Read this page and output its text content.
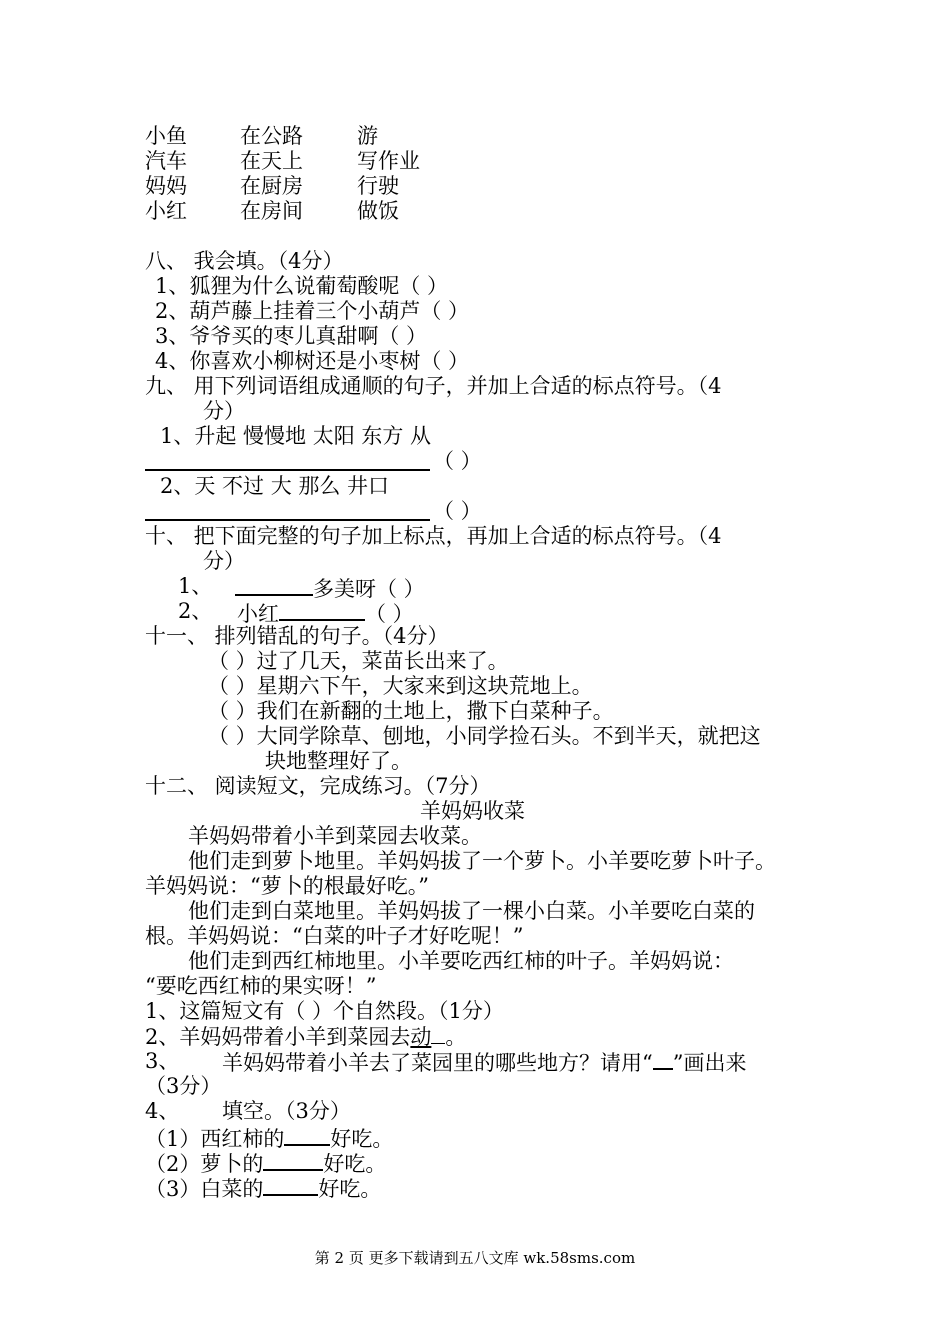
小鱼	在公路	游
汽车	在天上	写作业
妈妈	在厨房	行驶
小红	在房间	做饭
八、 我会填。（4分）
1、狐狸为什么说葡萄酸呢（ ）
2、葫芦藤上挂着三个小葫芦（ ）
3、爷爷买的枣儿真甜啊（ ）
4、你喜欢小柳树还是小枣树（ ）
九、 用下列词语组成通顺的句子，并加上合适的标点符号。（4
分）
1、升起 慢慢地 太阳 东方 从
（ ）
2、天 不过 大 那么 井口
（ ）
十、 把下面完整的句子加上标点，再加上合适的标点符号。（4
分）
1、	多美呀（ ）
2、 小红	（ ）
十一、 排列错乱的句子。（4分）
（ ）过了几天，菜苗长出来了。
（ ）星期六下午，大家来到这块荒地上。
（ ）我们在新翻的土地上，撒下白菜种子。
（ ）大同学除草、刨地，小同学捡石头。不到半天，就把这
块地整理好了。
十二、 阅读短文，完成练习。（7分）
羊妈妈收菜
羊妈妈带着小羊到菜园去收菜。
他们走到萝卜地里。羊妈妈拔了一个萝卜。小羊要吃萝卜叶子。
羊妈妈说：“萝卜的根最好吃。”
他们走到白菜地里。羊妈妈拔了一棵小白菜。小羊要吃白菜的
根。羊妈妈说：“白菜的叶子才好吃呢！”
他们走到西红柿地里。小羊要吃西红柿的叶子。羊妈妈说：
“要吃西红柿的果实呀！”
1、这篇短文有（ ）个自然段。（1分）
2、羊妈妈带着小羊到菜园去动 。
3、 羊妈妈带着小羊去了菜园里的哪些地方？请用“ ”画出来
（3分）
4、 填空。（3分）
（1）西红柿的 好吃。
（2）萝卜的	好吃。
（3）白菜的	好吃。
第 2 页 更多下载请到五八文库 wk.58sms.com
